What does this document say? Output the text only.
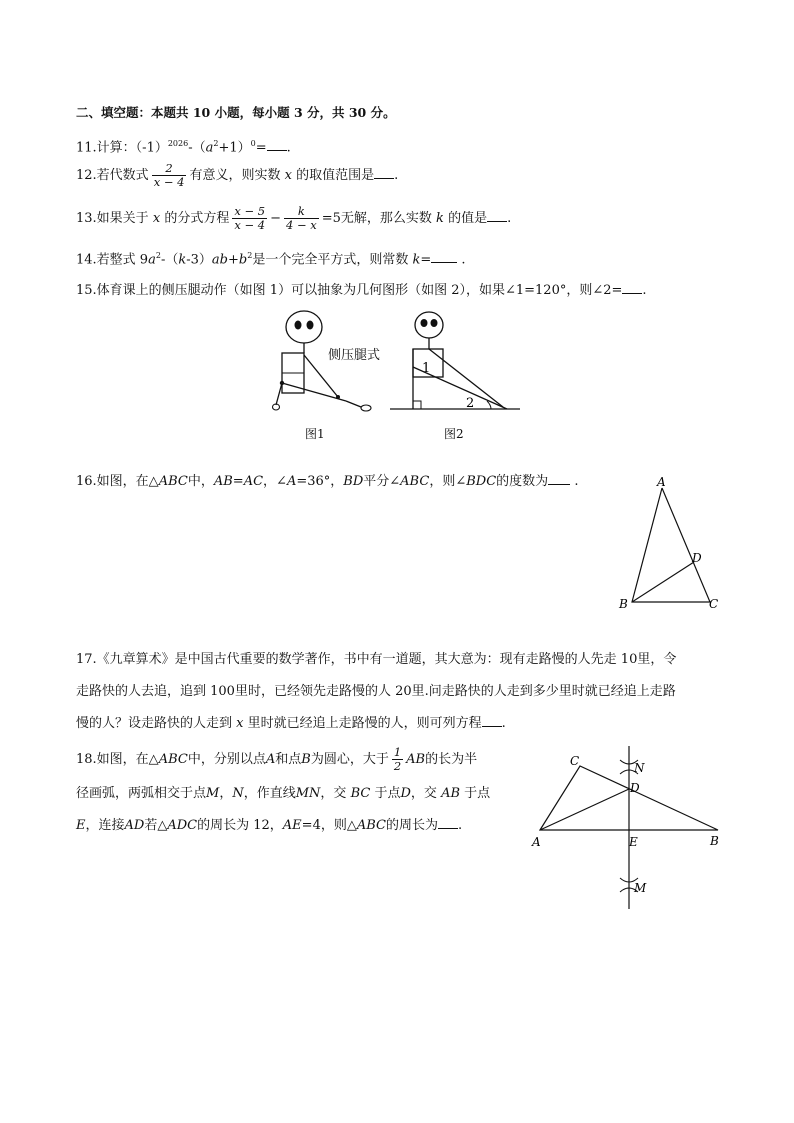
二、填空题：本题共 10 小题，每小题 3 分，共 30 分。
11.计算：$(-1)^{2026}-(a^2+1)^0=$ .
12.若代数式 $\frac{2}{x - 4}$ 有意义，则实数 x 的取值范围是 .
13.如果关于 x 的分式方程 $\frac{x - 5}{x - 4} - \frac{k}{4 - x} =5$无解，那么实数 k 的值是 .
14.若整式 $9a^2-(k-3)ab+b^2$是一个完全平方式，则常数 k= .
15.体育课上的侧压腿动作（如图 1）可以抽象为几何图形（如图 2），如果∠1=120°，则∠2= .
侧压腿式
图1
1
2
图2
16.如图，在△ABC中，AB=AC，∠A=36°，BD平分∠ABC，则∠BDC的度数为 .	A
B	C
D
17.《九章算术》是中国古代重要的数学著作，书中有一道题，其大意为：现有走路慢的人先走 10里，令
走路快的人去追，追到 100里时，已经领先走路慢的人 20里.问走路快的人走到多少里时就已经追上走路
慢的人？设走路快的人走到 x 里时就已经追上走路慢的人，则可列方程 .
18.如图，在△ABC中，分别以点A和点B为圆心，大于 $\frac{1}{2}$ AB的长为半
径画弧，两弧相交于点M，N，作直线MN，交 BC 于点D，交 AB 于点
E，连接AD若△ADC的周长为 12，AE=4，则△ABC的周长为 .
A	B
C
D
E
N
M
